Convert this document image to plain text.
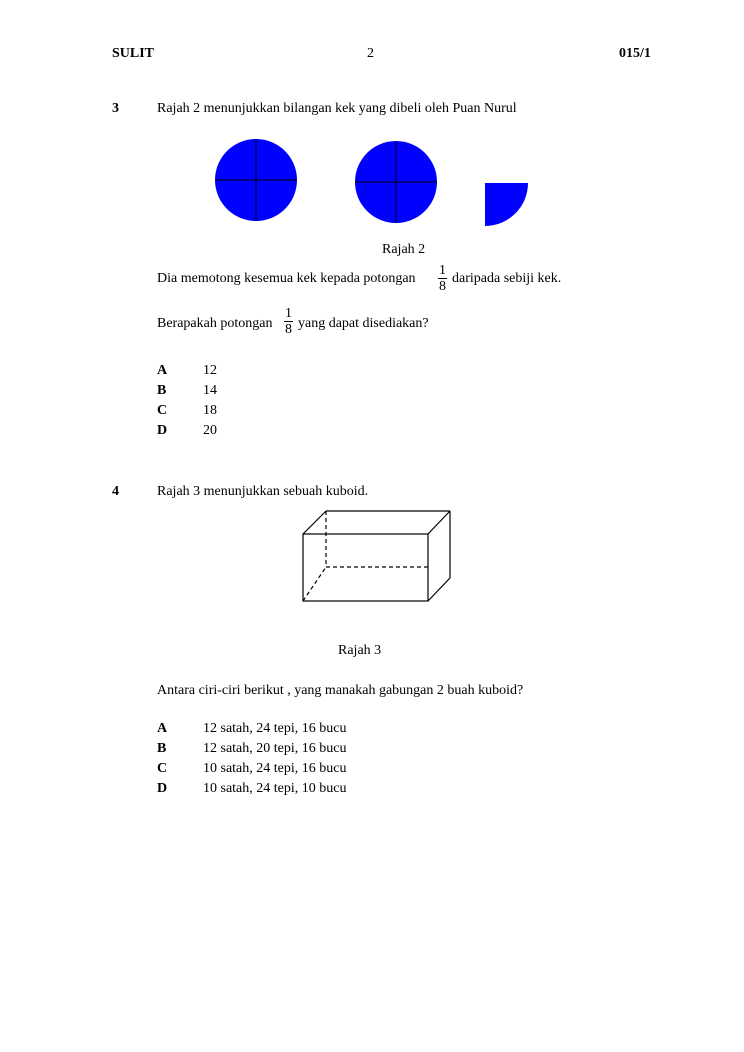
SULIT	2	015/1
3	Rajah 2 menunjukkan bilangan kek yang dibeli oleh Puan Nurul
Rajah 2
Dia memotong kesemua kek kepada potongan $\frac{1}{8}$ daripada sebiji kek.
Berapakah potongan $\frac{1}{8}$ yang dapat disediakan?
A	12
B	14
C	18
D	20
4	Rajah 3 menunjukkan sebuah kuboid.
Rajah 3
Antara ciri-ciri berikut , yang manakah gabungan 2 buah kuboid?
A	12 satah, 24 tepi, 16 bucu
B	12 satah, 20 tepi, 16 bucu
C	10 satah, 24 tepi, 16 bucu
D	10 satah, 24 tepi, 10 bucu
